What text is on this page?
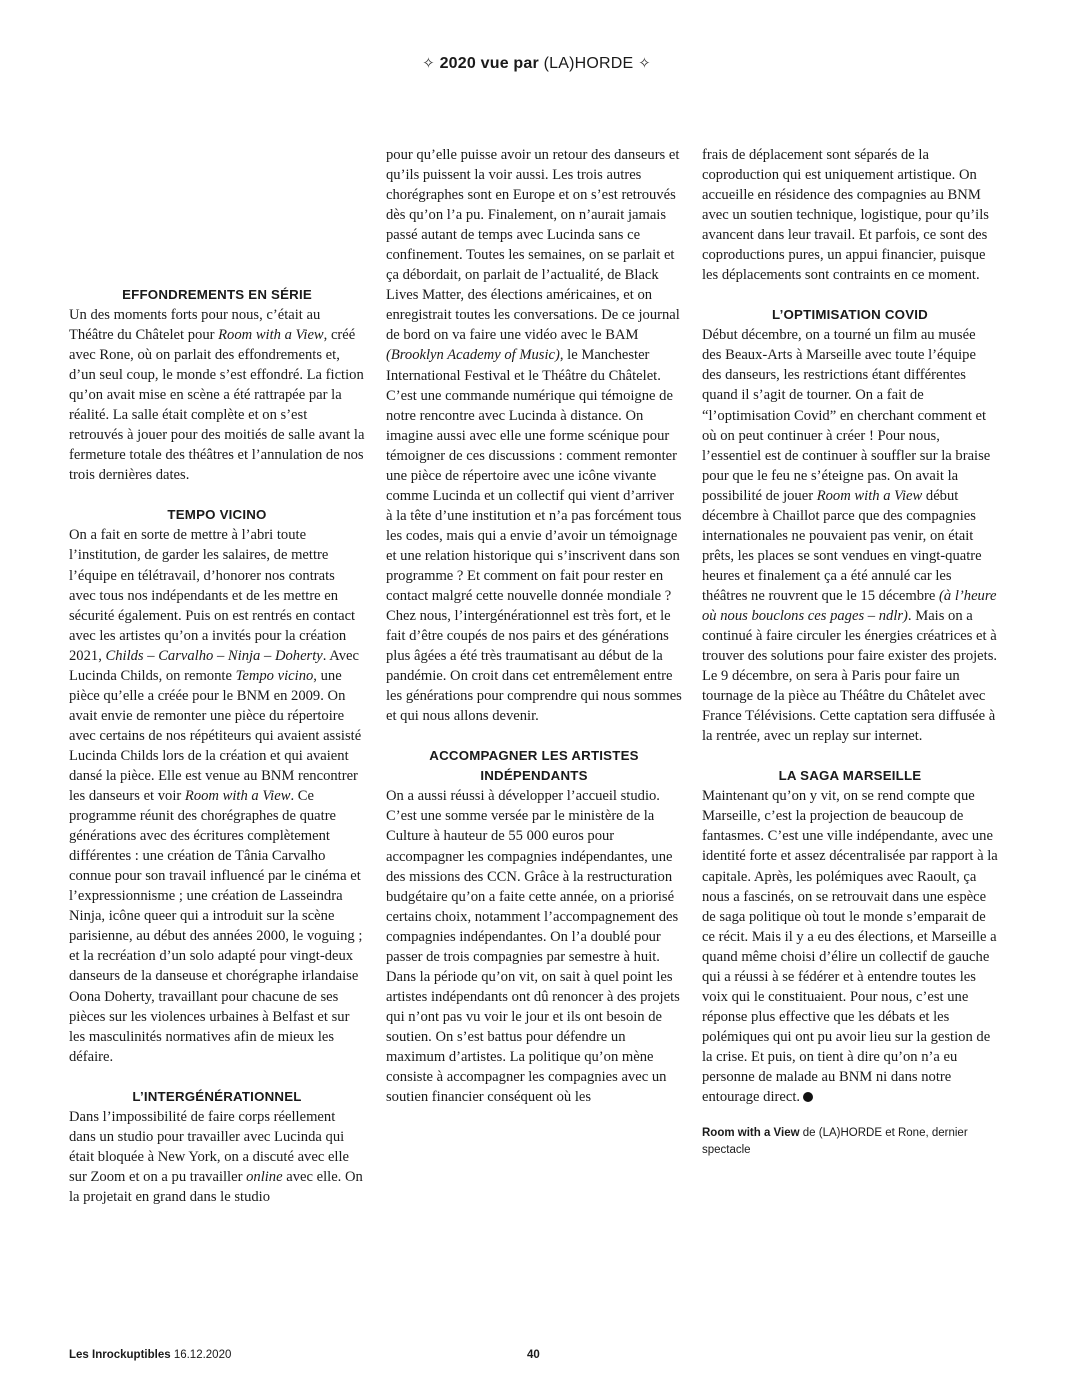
✧ 2020 vue par (LA)HORDE ✧
EFFONDREMENTS EN SÉRIE

Un des moments forts pour nous, c’était au Théâtre du Châtelet pour Room with a View, créé avec Rone, où on parlait des effondrements et, d’un seul coup, le monde s’est effondré. La fiction qu’on avait mise en scène a été rattrapée par la réalité. La salle était complète et on s’est retrouvés à jouer pour des moitiés de salle avant la fermeture totale des théâtres et l’annulation de nos trois dernières dates.

TEMPO VICINO

On a fait en sorte de mettre à l’abri toute l’institution, de garder les salaires, de mettre l’équipe en télétravail, d’honorer nos contrats avec tous nos indépendants et de les mettre en sécurité également. Puis on est rentrés en contact avec les artistes qu’on a invités pour la création 2021, Childs – Carvalho – Ninja – Doherty. Avec Lucinda Childs, on remonte Tempo vicino, une pièce qu’elle a créée pour le BNM en 2009. On avait envie de remonter une pièce du répertoire avec certains de nos répétiteurs qui avaient assisté Lucinda Childs lors de la création et qui avaient dansé la pièce. Elle est venue au BNM rencontrer les danseurs et voir Room with a View. Ce programme réunit des chorégraphes de quatre générations avec des écritures complètement différentes : une création de Tânia Carvalho connue pour son travail influencé par le cinéma et l’expressionnisme ; une création de Lasseindra Ninja, icône queer qui a introduit sur la scène parisienne, au début des années 2000, le voguing ; et la recréation d’un solo adapté pour vingt-deux danseurs de la danseuse et chorégraphe irlandaise Oona Doherty, travaillant pour chacune de ses pièces sur les violences urbaines à Belfast et sur les masculinités normatives afin de mieux les défaire.

L’INTERGÉNÉRATIONNEL

Dans l’impossibilité de faire corps réellement dans un studio pour travailler avec Lucinda qui était bloquée à New York, on a discuté avec elle sur Zoom et on a pu travailler online avec elle. On la projetait en grand dans le studio

pour qu’elle puisse avoir un retour des danseurs et qu’ils puissent la voir aussi. Les trois autres chorégraphes sont en Europe et on s’est retrouvés dès qu’on l’a pu. Finalement, on n’aurait jamais passé autant de temps avec Lucinda sans ce confinement. Toutes les semaines, on se parlait et ça débordait, on parlait de l’actualité, de Black Lives Matter, des élections américaines, et on enregistrait toutes les conversations. De ce journal de bord on va faire une vidéo avec le BAM (Brooklyn Academy of Music), le Manchester International Festival et le Théâtre du Châtelet. C’est une commande numérique qui témoigne de notre rencontre avec Lucinda à distance. On imagine aussi avec elle une forme scénique pour témoigner de ces discussions : comment remonter une pièce de répertoire avec une icône vivante comme Lucinda et un collectif qui vient d’arriver à la tête d’une institution et n’a pas forcément tous les codes, mais qui a envie d’avoir un témoignage et une relation historique qui s’inscrivent dans son programme ? Et comment on fait pour rester en contact malgré cette nouvelle donnée mondiale ? Chez nous, l’intergénérationnel est très fort, et le fait d’être coupés de nos pairs et des générations plus âgées a été très traumatisant au début de la pandémie. On croit dans cet entremêlement entre les générations pour comprendre qui nous sommes et qui nous allons devenir.

ACCOMPAGNER LES ARTISTES INDÉPENDANTS

On a aussi réussi à développer l’accueil studio. C’est une somme versée par le ministère de la Culture à hauteur de 55 000 euros pour accompagner les compagnies indépendantes, une des missions des CCN. Grâce à la restructuration budgétaire qu’on a faite cette année, on a priorisé certains choix, notamment l’accompagnement des compagnies indépendantes. On l’a doublé pour passer de trois compagnies par semestre à huit. Dans la période qu’on vit, on sait à quel point les artistes indépendants ont dû renoncer à des projets qui n’ont pas vu voir le jour et ils ont besoin de soutien. On s’est battus pour défendre un maximum d’artistes. La politique qu’on mène consiste à accompagner les compagnies avec un soutien financier conséquent où les

frais de déplacement sont séparés de la coproduction qui est uniquement artistique. On accueille en résidence des compagnies au BNM avec un soutien technique, logistique, pour qu’ils avancent dans leur travail. Et parfois, ce sont des coproductions pures, un appui financier, puisque les déplacements sont contraints en ce moment.

L’OPTIMISATION COVID

Début décembre, on a tourné un film au musée des Beaux-Arts à Marseille avec toute l’équipe des danseurs, les restrictions étant différentes quand il s’agit de tourner. On a fait de “l’optimisation Covid” en cherchant comment et où on peut continuer à créer ! Pour nous, l’essentiel est de continuer à souffler sur la braise pour que le feu ne s’éteigne pas. On avait la possibilité de jouer Room with a View début décembre à Chaillot parce que des compagnies internationales ne pouvaient pas venir, on était prêts, les places se sont vendues en vingt-quatre heures et finalement ça a été annulé car les théâtres ne rouvrent que le 15 décembre (à l’heure où nous bouclons ces pages – ndlr). Mais on a continué à faire circuler les énergies créatrices et à trouver des solutions pour faire exister des projets. Le 9 décembre, on sera à Paris pour faire un tournage de la pièce au Théâtre du Châtelet avec France Télévisions. Cette captation sera diffusée à la rentrée, avec un replay sur internet.

LA SAGA MARSEILLE

Maintenant qu’on y vit, on se rend compte que Marseille, c’est la projection de beaucoup de fantasmes. C’est une ville indépendante, avec une identité forte et assez décentralisée par rapport à la capitale. Après, les polémiques avec Raoult, ça nous a fascinés, on se retrouvait dans une espèce de saga politique où tout le monde s’emparait de ce récit. Mais il y a eu des élections, et Marseille a quand même choisi d’élire un collectif de gauche qui a réussi à se fédérer et à entendre toutes les voix qui le constituaient. Pour nous, c’est une réponse plus effective que les débats et les polémiques qui ont pu avoir lieu sur la gestion de la crise. Et puis, on tient à dire qu’on n’a eu personne de malade au BNM ni dans notre entourage direct.

Room with a View de (LA)HORDE et Rone, dernier spectacle
Les Inrockuptibles 16.12.2020	40
